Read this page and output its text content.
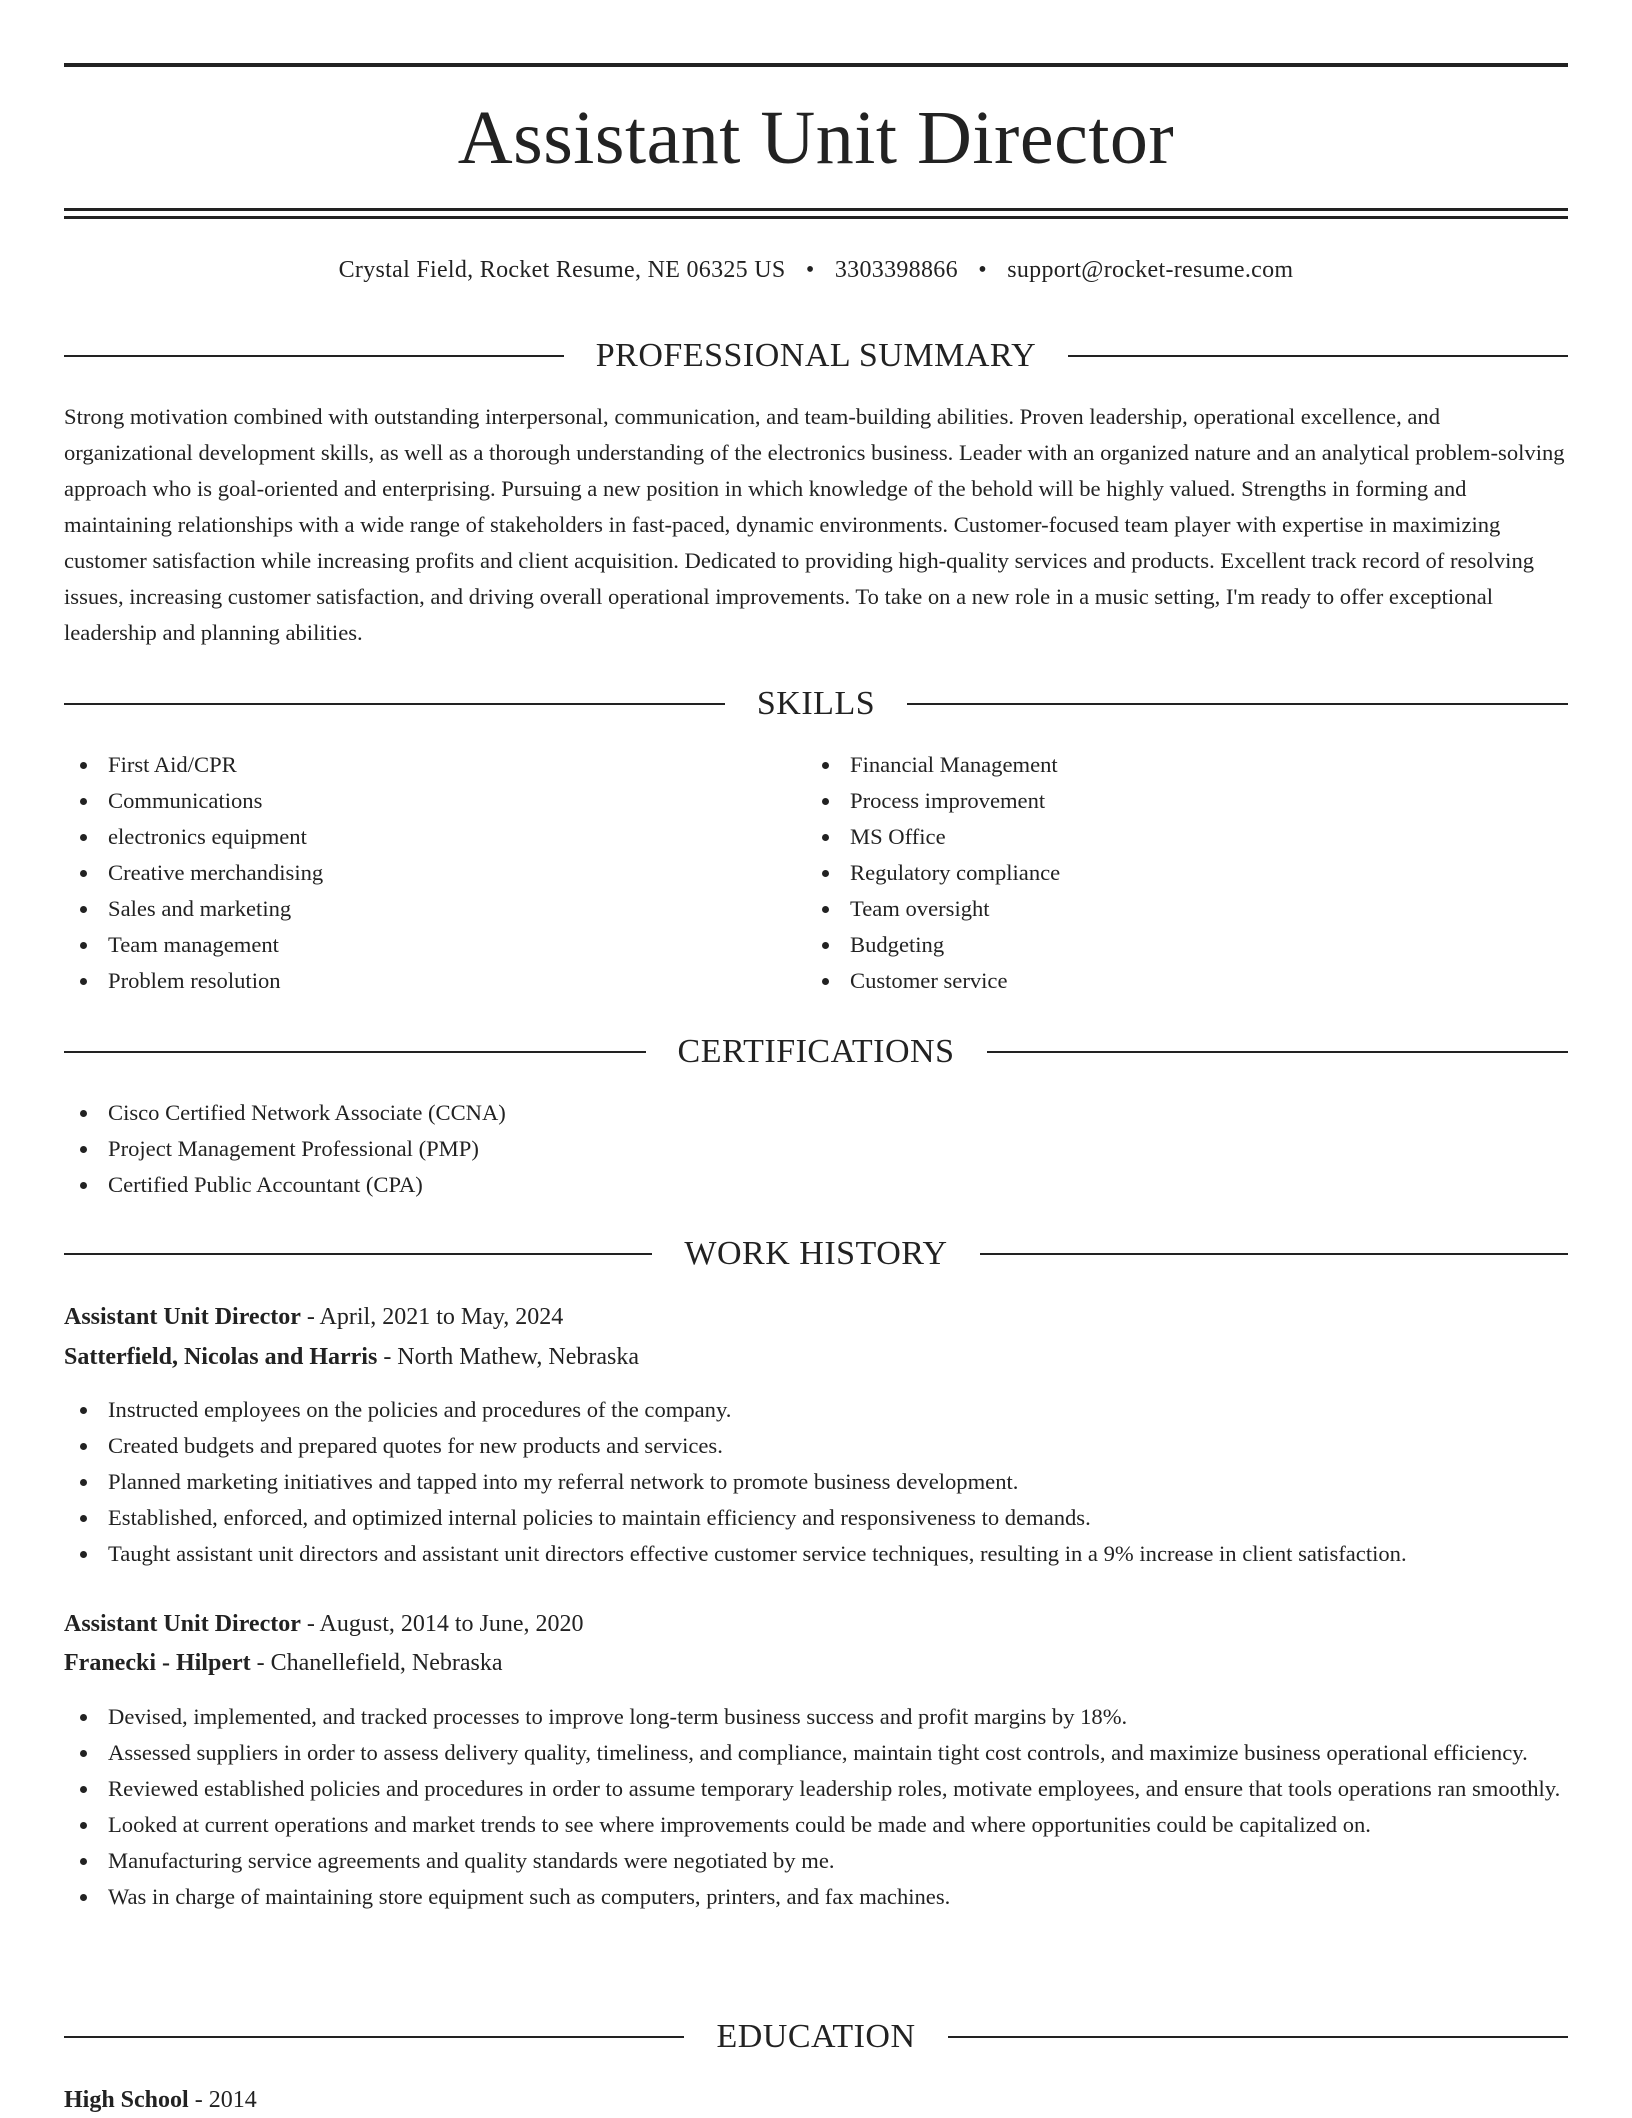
Assistant Unit Director
Crystal Field, Rocket Resume, NE 06325 US • 3303398866 • support@rocket-resume.com
PROFESSIONAL SUMMARY
Strong motivation combined with outstanding interpersonal, communication, and team-building abilities. Proven leadership, operational excellence, and organizational development skills, as well as a thorough understanding of the electronics business. Leader with an organized nature and an analytical problem-solving approach who is goal-oriented and enterprising. Pursuing a new position in which knowledge of the behold will be highly valued. Strengths in forming and maintaining relationships with a wide range of stakeholders in fast-paced, dynamic environments. Customer-focused team player with expertise in maximizing customer satisfaction while increasing profits and client acquisition. Dedicated to providing high-quality services and products. Excellent track record of resolving issues, increasing customer satisfaction, and driving overall operational improvements. To take on a new role in a music setting, I'm ready to offer exceptional leadership and planning abilities.
SKILLS
First Aid/CPR
Communications
electronics equipment
Creative merchandising
Sales and marketing
Team management
Problem resolution
Financial Management
Process improvement
MS Office
Regulatory compliance
Team oversight
Budgeting
Customer service
CERTIFICATIONS
Cisco Certified Network Associate (CCNA)
Project Management Professional (PMP)
Certified Public Accountant (CPA)
WORK HISTORY
Assistant Unit Director - April, 2021 to May, 2024
Satterfield, Nicolas and Harris - North Mathew, Nebraska
Instructed employees on the policies and procedures of the company.
Created budgets and prepared quotes for new products and services.
Planned marketing initiatives and tapped into my referral network to promote business development.
Established, enforced, and optimized internal policies to maintain efficiency and responsiveness to demands.
Taught assistant unit directors and assistant unit directors effective customer service techniques, resulting in a 9% increase in client satisfaction.
Assistant Unit Director - August, 2014 to June, 2020
Franecki - Hilpert - Chanellefield, Nebraska
Devised, implemented, and tracked processes to improve long-term business success and profit margins by 18%.
Assessed suppliers in order to assess delivery quality, timeliness, and compliance, maintain tight cost controls, and maximize business operational efficiency.
Reviewed established policies and procedures in order to assume temporary leadership roles, motivate employees, and ensure that tools operations ran smoothly.
Looked at current operations and market trends to see where improvements could be made and where opportunities could be capitalized on.
Manufacturing service agreements and quality standards were negotiated by me.
Was in charge of maintaining store equipment such as computers, printers, and fax machines.
EDUCATION
High School - 2014
